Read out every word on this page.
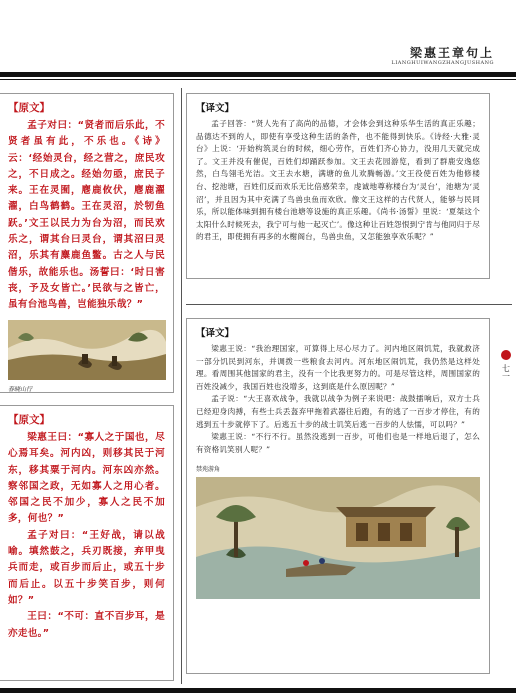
梁惠王章句上
LIANGHUIWANGZHANGJUSHANG
【原文】

孟子对曰：“贤者而后乐此，不贤者虽有此，不乐也。《诗》云：‘经始灵台，经之营之，庶民攻之，不日成之。经始勿亟，庶民子来。王在灵囿，麀鹿攸伏，麀鹿濯濯，白鸟鹤鹤。王在灵沼，於牣鱼跃。’文王以民力为台为沼，而民欢乐之，谓其台曰灵台，谓其沼曰灵沼，乐其有麋鹿鱼鳖。古之人与民偕乐，故能乐也。汤誓曰：‘时日害丧，予及女皆亡。’民欲与之皆亡，虽有台池鸟兽，岂能独乐哉？”

春晓山行
【原文】

梁惠王曰：“寡人之于国也，尽心焉耳矣。河内凶，则移其民于河东，移其粟于河内。河东凶亦然。察邻国之政，无如寡人之用心者。邻国之民不加少，寡人之民不加多，何也？”

孟子对曰：“王好战，请以战喻。填然鼓之，兵刃既接，弃甲曳兵而走，或百步而后止，或五十步而后止。以五十步笑百步，则何如？”

王曰：“不可：直不百步耳，是亦走也。”

【译文】

孟子回答：“贤人先有了高尚的品德，才会体会到这种乐华生活的真正乐趣；品德达不到的人，即使有享受这种生活的条件，也不能得到快乐。《诗经·大雅·灵台》上说：‘开始构筑灵台的时候，细心劳作，百姓们齐心协力，没用几天就完成了。文王并没有催促，百姓们却踊跃参加。文王去花园游览，看到了群鹿安逸悠然，白鸟翎毛光洁。文王去水塘，满塘的鱼儿欢腾畅游。’文王役使百姓为他修楼台、挖池塘，百姓们反而欢乐无比倍感荣幸，虔诚地尊称楼台为‘灵台’，池塘为‘灵沼’，并且因为其中充满了鸟兽虫鱼而欢欣。像文王这样的古代贤人，能够与民同乐，所以能体味到拥有楼台池塘等设施的真正乐趣。《尚书·汤誓》里说：‘夏桀这个太阳什么时候死去，我宁可与他一起灭亡’。像这种让百姓怨恨到宁肯与他同归于尽的君王，即使拥有再多的水榭阁台，鸟兽虫鱼，又怎能独享欢乐呢？”

【译文】

梁惠王说：“我治理国家，可算得上尽心尽力了。河内地区闹饥荒，我就救济一部分饥民到河东，并调拨一些粮食去河内。河东地区闹饥荒，我仍然是这样处理。看周围其他国家的君主，没有一个比我更努力的。可是尽管这样，周围国家的百姓没减少，我国百姓也没增多，这到底是什么原因呢？”

孟子说：“大王喜欢战争，我就以战争为例子来说吧：战鼓擂响后，双方士兵已经迎身肉搏，有些士兵丢盔弃甲拖着武器往后跑，有的逃了一百步才停住，有的逃到五十步就停下了。后逃五十步的战士讥笑后逃一百步的人怯懦，可以吗？”

梁惠王说：“不行不行。虽然没逃到一百步，可他们也是一样地后退了，怎么有资格讥笑别人呢？”

禁苑游角
七一
